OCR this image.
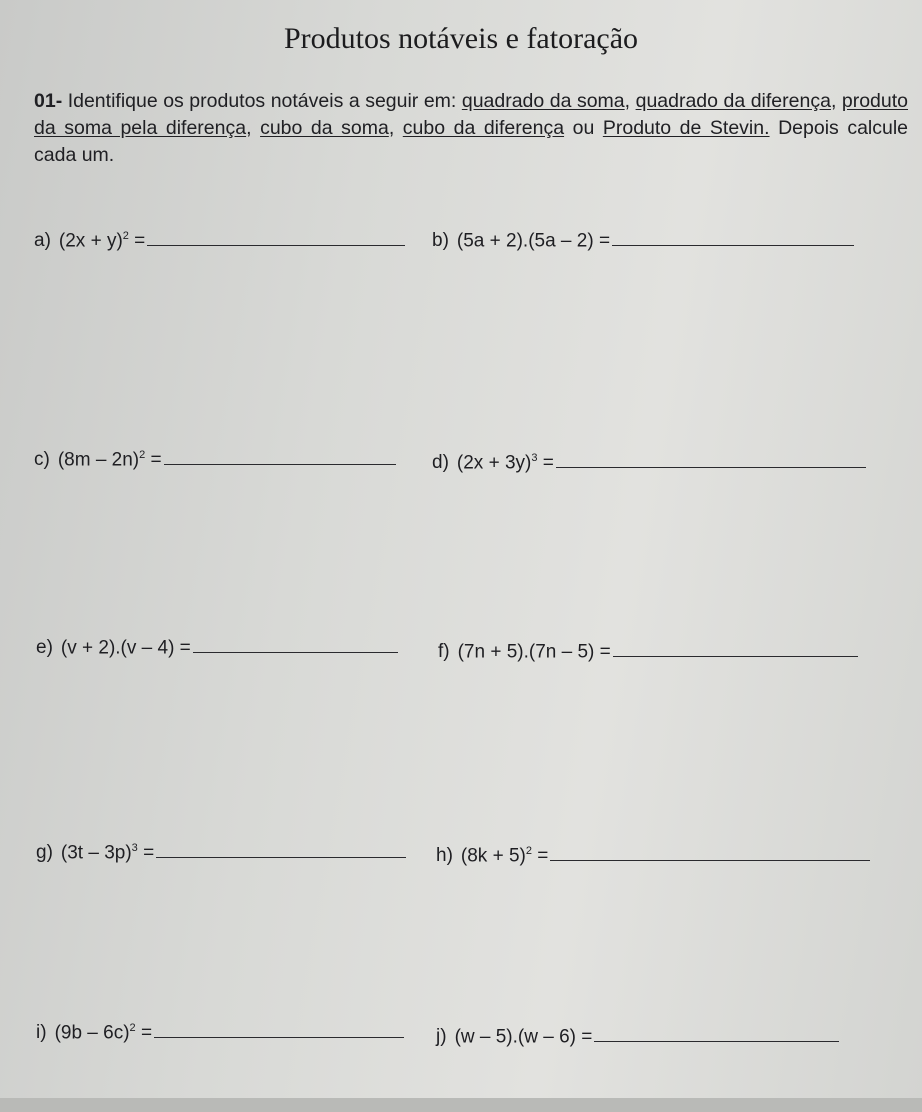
Produtos notáveis e fatoração
01- Identifique os produtos notáveis a seguir em: quadrado da soma, quadrado da diferença, produto da soma pela diferença, cubo da soma, cubo da diferença ou Produto de Stevin. Depois calcule cada um.
a) $(2x + y)^2$ =	b) (5a + 2).(5a – 2) =
c) (8m – 2n)$^2$ =	d) $(2x + 3y)^3$ =
e) (v + 2).(v – 4) =	f) (7n + 5).(7n – 5) =
g) (3t – 3p)$^3$ =	h) $(8k + 5)^2$ =
i) (9b – 6c)$^2$ =	j) (w – 5).(w – 6) =
